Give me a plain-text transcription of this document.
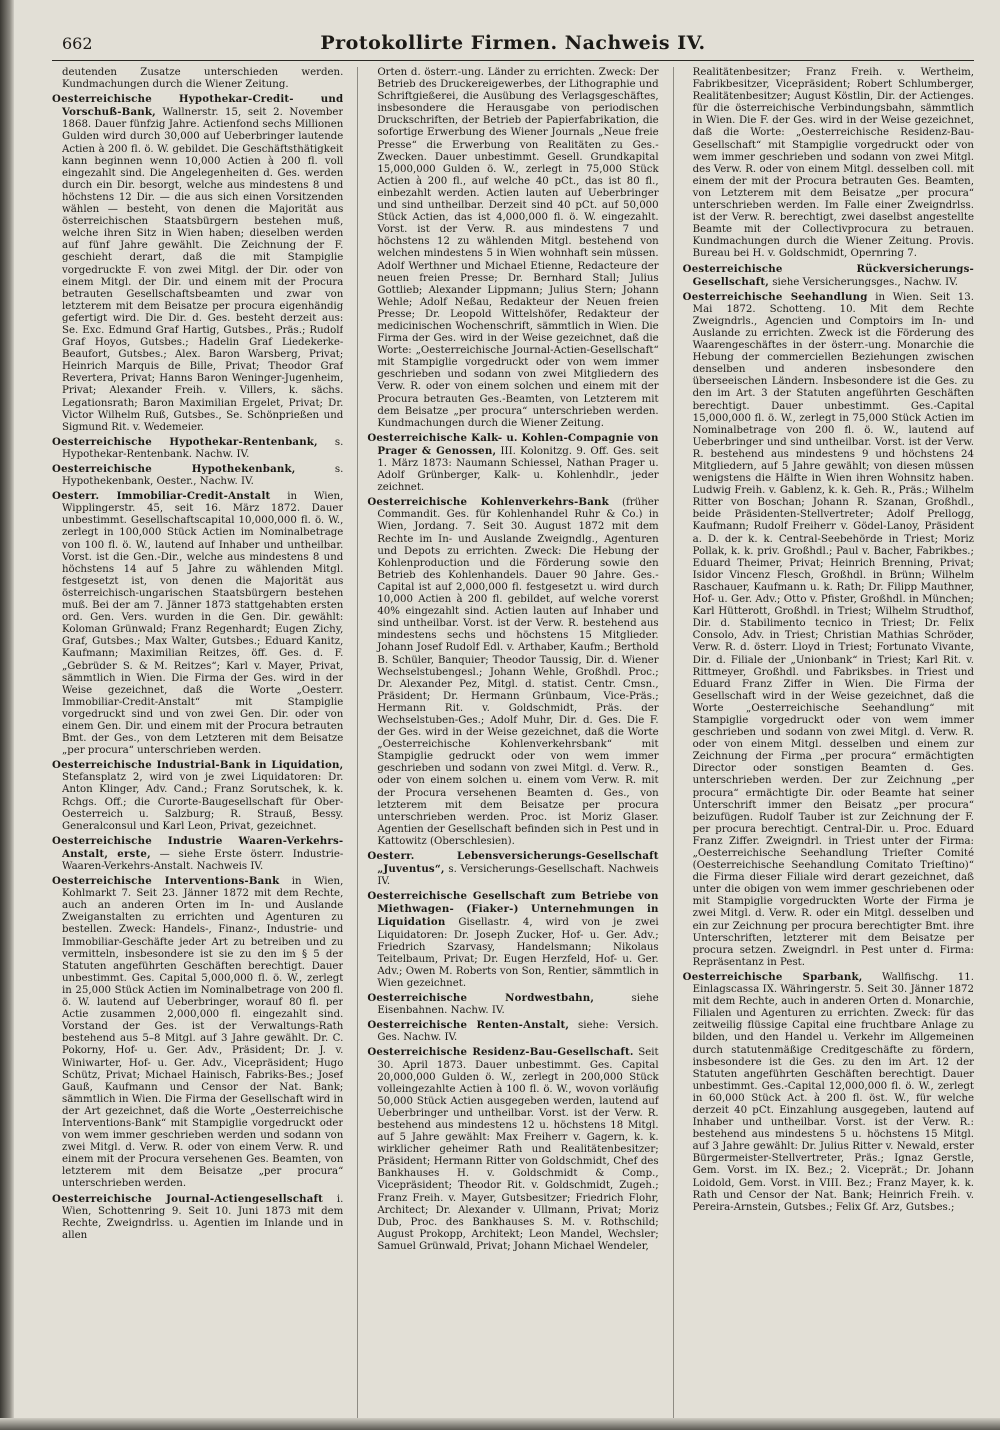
662	Protokollirte Firmen. Nachweis IV.

deutenden Zusatze unterschieden werden. Kundmachungen durch die Wiener Zeitung.

Oesterreichische Hypothekar-Credit- und Vorschuß-Bank, Wallnerstr. 15, seit 2. November 1868. Dauer fünfzig Jahre. Actienfond sechs Millionen Gulden wird durch 30,000 auf Ueberbringer lautende Actien à 200 fl. ö. W. gebildet. Die Geschäftsthätigkeit kann beginnen wenn 10,000 Actien à 200 fl. voll eingezahlt sind. Die Angelegenheiten d. Ges. werden durch ein Dir. besorgt, welche aus mindestens 8 und höchstens 12 Dir. — die aus sich einen Vorsitzenden wählen — besteht, von denen die Majorität aus österreichischen Staatsbürgern bestehen muß, welche ihren Sitz in Wien haben; dieselben werden auf fünf Jahre gewählt. Die Zeichnung der F. geschieht derart, daß die mit Stampiglie vorgedruckte F. von zwei Mitgl. der Dir. oder von einem Mitgl. der Dir. und einem mit der Procura betrauten Gesellschaftsbeamten und zwar von letzterem mit dem Beisatze per procura eigenhändig gefertigt wird. Die Dir. d. Ges. besteht derzeit aus: Se. Exc. Edmund Graf Hartig, Gutsbes., Präs.; Rudolf Graf Hoyos, Gutsbes.; Hadelin Graf Liedekerke-Beaufort, Gutsbes.; Alex. Baron Warsberg, Privat; Heinrich Marquis de Bille, Privat; Theodor Graf Revertera, Privat; Hanns Baron Weninger-Jugenheim, Privat; Alexander Freih. v. Villers, k. sächs. Legationsrath; Baron Maximilian Ergelet, Privat; Dr. Victor Wilhelm Ruß, Gutsbes., Se. Schönprießen und Sigmund Rit. v. Wedemeier.

Oesterreichische Hypothekar-Rentenbank, s. Hypothekar-Rentenbank. Nachw. IV.

Oesterreichische Hypothekenbank,	s. Hypothekenbank, Oester., Nachw. IV.

Oesterr. Immobiliar-Credit-Anstalt in Wien, Wipplingerstr. 45, seit 16. März 1872. Dauer unbestimmt. Gesellschaftscapital 10,000,000 fl. ö. W., zerlegt in 100,000 Stück Actien im Nominalbetrage von 100 fl. ö. W., lautend auf Inhaber und untheilbar. Vorst. ist die Gen.-Dir., welche aus mindestens 8 und höchstens 14 auf 5 Jahre zu wählenden Mitgl. festgesetzt ist, von denen die Majorität aus österreichisch-ungarischen Staatsbürgern bestehen muß. Bei der am 7. Jänner 1873 stattgehabten ersten ord. Gen. Vers. wurden in die Gen. Dir. gewählt: Koloman Grünwald; Franz Regenhardt; Eugen Zichy, Graf, Gutsbes.; Max Walter, Gutsbes.; Eduard Kanitz, Kaufmann; Maximilian Reitzes, öff. Ges. d. F. „Gebrüder S. & M. Reitzes“; Karl v. Mayer, Privat, sämmtlich in Wien. Die Firma der Ges. wird in der Weise gezeichnet, daß die Worte „Oesterr. Immobiliar-Credit-Anstalt“ mit Stampiglie vorgedruckt sind und von zwei Gen. Dir. oder von einem Gen. Dir. und einem mit der Procura betrauten Bmt. der Ges., von dem Letzteren mit dem Beisatze „per procura“ unterschrieben werden.

Oesterreichische Industrial-Bank in Liquidation, Stefansplatz 2, wird von je zwei Liquidatoren: Dr. Anton Klinger, Adv. Cand.; Franz Sorutschek, k. k. Rchgs. Off.; die Curorte-Baugesellschaft für Ober-Oesterreich u. Salzburg; R. Strauß, Bessy. Generalconsul und Karl Leon, Privat, gezeichnet.

Oesterreichische Industrie Waaren-Verkehrs-Anstalt, erste, — siehe Erste österr. Industrie-Waaren-Verkehrs-Anstalt. Nachweis IV.

Oesterreichische Interventions-Bank in Wien, Kohlmarkt 7. Seit 23. Jänner 1872 mit dem Rechte, auch an anderen Orten im In- und Auslande Zweiganstalten zu errichten und Agenturen zu bestellen. Zweck: Handels-, Finanz-, Industrie- und Immobiliar-Geschäfte jeder Art zu betreiben und zu vermitteln, insbesondere ist sie zu den im § 5 der Statuten angeführten Geschäften berechtigt. Dauer unbestimmt. Ges. Capital 5,000,000 fl. ö. W., zerlegt in 25,000 Stück Actien im Nominalbetrage von 200 fl. ö. W. lautend auf Ueberbringer, worauf 80 fl. per Actie zusammen 2,000,000 fl. eingezahlt sind. Vorstand der Ges. ist der Verwaltungs-Rath bestehend aus 5–8 Mitgl. auf 3 Jahre gewählt. Dr. C. Pokorny, Hof- u. Ger. Adv., Präsident; Dr. J. v. Winiwarter, Hof- u. Ger. Adv., Vicepräsident; Hugo Schütz, Privat; Michael Hainisch, Fabriks-Bes.; Josef Gauß, Kaufmann und Censor der Nat. Bank; sämmtlich in Wien. Die Firma der Gesellschaft wird in der Art gezeichnet, daß die Worte „Oesterreichische Interventions-Bank“ mit Stampiglie vorgedruckt oder von wem immer geschrieben werden und sodann von zwei Mitgl. d. Verw. R. oder von einem Verw. R. und einem mit der Procura versehenen Ges. Beamten, von letzterem mit dem Beisatze „per procura“ unterschrieben werden.

Oesterreichische Journal-Actiengesellschaft i. Wien, Schottenring 9. Seit 10. Juni 1873 mit dem Rechte, Zweigndrlss. u. Agentien im Inlande und in allen

Orten d. österr.-ung. Länder zu errichten. Zweck: Der Betrieb des Druckereigewerbes, der Lithographie und Schriftgießerei, die Ausübung des Verlagsgeschäftes, insbesondere die Herausgabe von periodischen Druckschriften, der Betrieb der Papierfabrikation, die sofortige Erwerbung des Wiener Journals „Neue freie Presse“ die Erwerbung von Realitäten zu Ges.-Zwecken. Dauer unbestimmt. Gesell. Grundkapital 15,000,000 Gulden ö. W., zerlegt in 75,000 Stück Actien à 200 fl., auf welche 40 pCt., das ist 80 fl., einbezahlt werden. Actien lauten auf Ueberbringer und sind untheilbar. Derzeit sind 40 pCt. auf 50,000 Stück Actien, das ist 4,000,000 fl. ö. W. eingezahlt. Vorst. ist der Verw. R. aus mindestens 7 und höchstens 12 zu wählenden Mitgl. bestehend von welchen mindestens 5 in Wien wohnhaft sein müssen. Adolf Werthner und Michael Etienne, Redacteure der neuen freien Presse; Dr. Bernhard Stall; Julius Gottlieb; Alexander Lippmann; Julius Stern; Johann Wehle; Adolf Neßau, Redakteur der Neuen freien Presse; Dr. Leopold Wittelshöfer, Redakteur der medicinischen Wochenschrift, sämmtlich in Wien. Die Firma der Ges. wird in der Weise gezeichnet, daß die Worte: „Oesterreichische Journal-Actien-Gesellschaft“ mit Stampiglie vorgedruckt oder von wem immer geschrieben und sodann von zwei Mitgliedern des Verw. R. oder von einem solchen und einem mit der Procura betrauten Ges.-Beamten, von Letzterem mit dem Beisatze „per procura“ unterschrieben werden. Kundmachungen durch die Wiener Zeitung.

Oesterreichische Kalk- u. Kohlen-Compagnie von Prager & Genossen, III. Kolonitzg. 9. Off. Ges. seit 1. März 1873: Naumann Schiessel, Nathan Prager u. Adolf Grünberger, Kalk- u. Kohlenhdlr., jeder zeichnet.

Oesterreichische Kohlenverkehrs-Bank (früher Commandit. Ges. für Kohlenhandel Ruhr & Co.) in Wien, Jordang. 7. Seit 30. August 1872 mit dem Rechte im In- und Auslande Zweigndlg., Agenturen und Depots zu errichten. Zweck: Die Hebung der Kohlenproduction und die Förderung sowie den Betrieb des Kohlenhandels. Dauer 90 Jahre. Ges.-Capital ist auf 2,000,000 fl. festgesetzt u. wird durch 10,000 Actien à 200 fl. gebildet, auf welche vorerst 40% eingezahlt sind. Actien lauten auf Inhaber und sind untheilbar. Vorst. ist der Verw. R. bestehend aus mindestens sechs und höchstens 15 Mitglieder. Johann Josef Rudolf Edl. v. Arthaber, Kaufm.; Berthold B. Schüler, Banquier; Theodor Taussig, Dir. d. Wiener Wechselstubengesl.; Johann Wehle, Großhdl. Proc.; Dr. Alexander Pez, Mitgl. d. statist. Centr. Cmsn., Präsident; Dr. Hermann Grünbaum, Vice-Präs.; Hermann Rit. v. Goldschmidt, Präs. der Wechselstuben-Ges.; Adolf Muhr, Dir. d. Ges. Die F. der Ges. wird in der Weise gezeichnet, daß die Worte „Oesterreichische Kohlenverkehrsbank“ mit Stampiglie gedruckt oder von wem immer geschrieben und sodann von zwei Mitgl. d. Verw. R., oder von einem solchen u. einem vom Verw. R. mit der Procura versehenen Beamten d. Ges., von letzterem mit dem Beisatze per procura unterschrieben werden. Proc. ist Moriz Glaser. Agentien der Gesellschaft befinden sich in Pest und in Kattowitz (Oberschlesien).

Oesterr. Lebensversicherungs-Gesellschaft „Juventus“, s. Versicherungs-Gesellschaft. Nachweis IV.

Oesterreichische Gesellschaft zum Betriebe von Miethwagen- (Fiaker-) Unternehmungen in Liquidation Gisellastr. 4, wird von je zwei Liquidatoren: Dr. Joseph Zucker, Hof- u. Ger. Adv.; Friedrich Szarvasy, Handelsmann; Nikolaus Teitelbaum, Privat; Dr. Eugen Herzfeld, Hof- u. Ger. Adv.; Owen M. Roberts von Son, Rentier, sämmtlich in Wien gezeichnet.

Oesterreichische Nordwestbahn,	siehe Eisenbahnen. Nachw. IV.

Oesterreichische Renten-Anstalt, siehe: Versich. Ges. Nachw. IV.

Oesterreichische Residenz-Bau-Gesellschaft. Seit 30. April 1873. Dauer unbestimmt. Ges. Capital 20,000,000 Gulden ö. W., zerlegt in 200,000 Stück volleingezahlte Actien à 100 fl. ö. W., wovon vorläufig 50,000 Stück Actien ausgegeben werden, lautend auf Ueberbringer und untheilbar. Vorst. ist der Verw. R. bestehend aus mindestens 12 u. höchstens 18 Mitgl. auf 5 Jahre gewählt: Max Freiherr v. Gagern, k. k. wirklicher geheimer Rath und Realitätenbesitzer; Präsident; Hermann Ritter von Goldschmidt, Chef des Bankhauses H. v. Goldschmidt & Comp., Vicepräsident; Theodor Rit. v. Goldschmidt, Zugeh.; Franz Freih. v. Mayer, Gutsbesitzer; Friedrich Flohr, Architect; Dr. Alexander v. Ullmann, Privat; Moriz Dub, Proc. des Bankhauses S. M. v. Rothschild; August Prokopp, Architekt; Leon Mandel, Wechsler; Samuel Grünwald, Privat; Johann Michael Wendeler,

Realitätenbesitzer; Franz Freih. v. Wertheim, Fabrikbesitzer, Vicepräsident; Robert Schlumberger, Realitätenbesitzer; August Köstlin, Dir. der Actienges. für die österreichische Verbindungsbahn, sämmtlich in Wien. Die F. der Ges. wird in der Weise gezeichnet, daß die Worte: „Oesterreichische Residenz-Bau-Gesellschaft“ mit Stampiglie vorgedruckt oder von wem immer geschrieben und sodann von zwei Mitgl. des Verw. R. oder von einem Mitgl. desselben coll. mit einem der mit der Procura betrauten Ges. Beamten, von Letzterem mit dem Beisatze „per procura“ unterschrieben werden. Im Falle einer Zweigndrlss. ist der Verw. R. berechtigt, zwei daselbst angestellte Beamte mit der Collectivprocura zu betrauen. Kundmachungen durch die Wiener Zeitung. Provis. Bureau bei H. v. Goldschmidt, Opernring 7.

Oesterreichische Rückversicherungs-Gesellschaft, siehe Versicherungsges., Nachw. IV.

Oesterreichische Seehandlung in Wien. Seit 13. Mai 1872. Schotteng. 10. Mit dem Rechte Zweigndrls., Agencien und Comptoirs im In- und Auslande zu errichten. Zweck ist die Förderung des Waarengeschäftes in der österr.-ung. Monarchie die Hebung der commerciellen Beziehungen zwischen denselben und anderen insbesondere den überseeischen Ländern. Insbesondere ist die Ges. zu den im Art. 3 der Statuten angeführten Geschäften berechtigt. Dauer unbestimmt. Ges.-Capital 15,000,000 fl. ö. W., zerlegt in 75,000 Stück Actien im Nominalbetrage von 200 fl. ö. W., lautend auf Ueberbringer und sind untheilbar. Vorst. ist der Verw. R. bestehend aus mindestens 9 und höchstens 24 Mitgliedern, auf 5 Jahre gewählt; von diesen müssen wenigstens die Hälfte in Wien ihren Wohnsitz haben. Ludwig Freih. v. Gablenz, k. k. Geh. R., Präs.; Wilhelm Ritter von Boschan; Johann R. Szanan, Großhdl., beide Präsidenten-Stellvertreter; Adolf Prellogg, Kaufmann; Rudolf Freiherr v. Gödel-Lanoy, Präsident a. D. der k. k. Central-Seebehörde in Triest; Moriz Pollak, k. k. priv. Großhdl.; Paul v. Bacher, Fabrikbes.; Eduard Theimer, Privat; Heinrich Brenning, Privat; Isidor Vincenz Flesch, Großhdl. in Brünn; Wilhelm Raschauer, Kaufmann u. k. Rath; Dr. Filipp Mauthner, Hof- u. Ger. Adv.; Otto v. Pfister, Großhdl. in München; Karl Hütterott, Großhdl. in Triest; Wilhelm Strudthof, Dir. d. Stabilimento tecnico in Triest; Dr. Felix Consolo, Adv. in Triest; Christian Mathias Schröder, Verw. R. d. österr. Lloyd in Triest; Fortunato Vivante, Dir. d. Filiale der „Unionbank“ in Triest; Karl Rit. v. Rittmeyer, Großhdl. und Fabriksbes. in Triest und Eduard Franz Ziffer in Wien. Die Firma der Gesellschaft wird in der Weise gezeichnet, daß die Worte „Oesterreichische Seehandlung“ mit Stampiglie vorgedruckt oder von wem immer geschrieben und sodann von zwei Mitgl. d. Verw. R. oder von einem Mitgl. desselben und einem zur Zeichnung der Firma „per procura“ ermächtigten Director oder sonstigen Beamten d. Ges. unterschrieben werden. Der zur Zeichnung „per procura“ ermächtigte Dir. oder Beamte hat seiner Unterschrift immer den Beisatz „per procura“ beizufügen. Rudolf Tauber ist zur Zeichnung der F. per procura berechtigt. Central-Dir. u. Proc. Eduard Franz Ziffer. Zweigndrl. in Triest unter der Firma: „Oesterreichische Seehandlung Trieſter Comité (Oesterreichische Seehandlung Comitato Trieſtino)“ die Firma dieser Filiale wird derart gezeichnet, daß unter die obigen von wem immer geschriebenen oder mit Stampiglie vorgedruckten Worte der Firma je zwei Mitgl. d. Verw. R. oder ein Mitgl. desselben und ein zur Zeichnung per procura berechtigter Bmt. ihre Unterschriften, letzterer mit dem Beisatze per procura setzen. Zweigndrl. in Pest unter d. Firma: Repräsentanz in Pest.

Oesterreichische Sparbank, Wallfischg. 11. Einlagscassa IX. Währingerstr. 5. Seit 30. Jänner 1872 mit dem Rechte, auch in anderen Orten d. Monarchie, Filialen und Agenturen zu errichten. Zweck: für das zeitweilig flüssige Capital eine fruchtbare Anlage zu bilden, und den Handel u. Verkehr im Allgemeinen durch statutenmäßige Creditgeschäfte zu fördern, insbesondere ist die Ges. zu den im Art. 12 der Statuten angeführten Geschäften berechtigt. Dauer unbestimmt. Ges.-Capital 12,000,000 fl. ö. W., zerlegt in 60,000 Stück Act. à 200 fl. öst. W., für welche derzeit 40 pCt. Einzahlung ausgegeben, lautend auf Inhaber und untheilbar. Vorst. ist der Verw. R.: bestehend aus mindestens 5 u. höchstens 15 Mitgl. auf 3 Jahre gewählt: Dr. Julius Ritter v. Newald, erster Bürgermeister-Stellvertreter, Präs.; Ignaz Gerstle, Gem. Vorst. im IX. Bez.; 2. Viceprät.; Dr. Johann Loidold, Gem. Vorst. in VIII. Bez.; Franz Mayer, k. k. Rath und Censor der Nat. Bank; Heinrich Freih. v. Pereira-Arnstein, Gutsbes.; Felix Gf. Arz, Gutsbes.;
